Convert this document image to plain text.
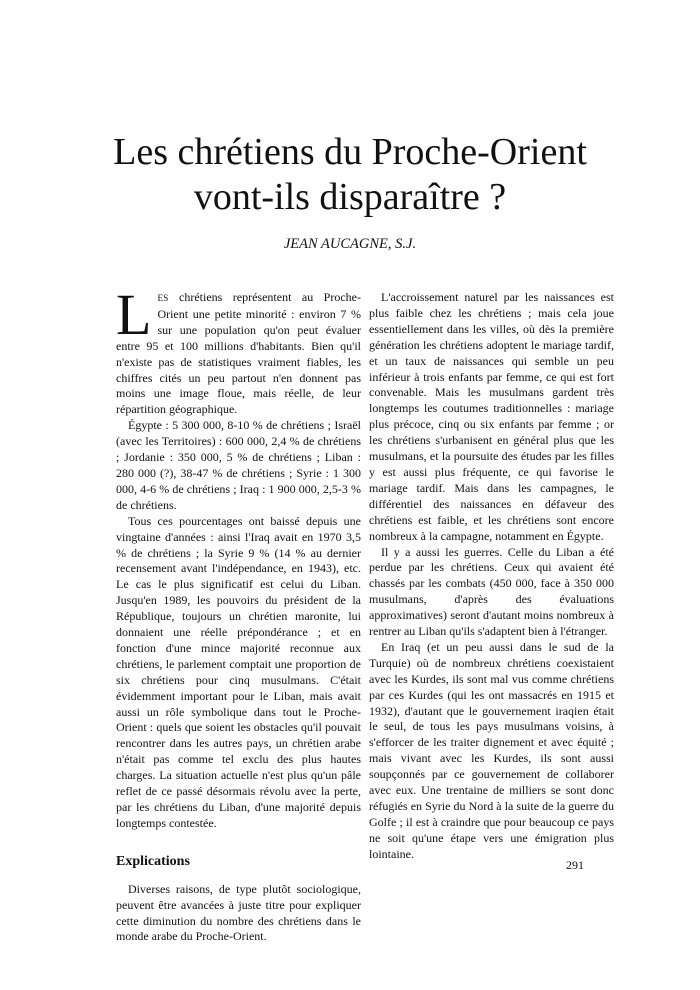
Les chrétiens du Proche-Orient
vont-ils disparaître ?
JEAN AUCAGNE, S.J.

LES chrétiens représentent au Proche-Orient une petite minorité : environ 7 % sur une population qu'on peut évaluer entre 95 et 100 millions d'habitants. Bien qu'il n'existe pas de statistiques vraiment fiables, les chiffres cités un peu partout n'en donnent pas moins une image floue, mais réelle, de leur répartition géographique.

Égypte : 5 300 000, 8-10 % de chrétiens ; Israël (avec les Territoires) : 600 000, 2,4 % de chrétiens ; Jordanie : 350 000, 5 % de chrétiens ; Liban : 280 000 (?), 38-47 % de chrétiens ; Syrie : 1 300 000, 4-6 % de chrétiens ; Iraq : 1 900 000, 2,5-3 % de chrétiens.

Tous ces pourcentages ont baissé depuis une vingtaine d'années : ainsi l'Iraq avait en 1970 3,5 % de chrétiens ; la Syrie 9 % (14 % au dernier recensement avant l'indépendance, en 1943), etc. Le cas le plus significatif est celui du Liban. Jusqu'en 1989, les pouvoirs du président de la République, toujours un chrétien maronite, lui donnaient une réelle prépondérance ; et en fonction d'une mince majorité reconnue aux chrétiens, le parlement comptait une proportion de six chrétiens pour cinq musulmans. C'était évidemment important pour le Liban, mais avait aussi un rôle symbolique dans tout le Proche-Orient : quels que soient les obstacles qu'il pouvait rencontrer dans les autres pays, un chrétien arabe n'était pas comme tel exclu des plus hautes charges. La situation actuelle n'est plus qu'un pâle reflet de ce passé désormais révolu avec la perte, par les chrétiens du Liban, d'une majorité depuis longtemps contestée.

Explications

Diverses raisons, de type plutôt sociologique, peuvent être avancées à juste titre pour expliquer cette diminution du nombre des chrétiens dans le monde arabe du Proche-Orient.

L'accroissement naturel par les naissances est plus faible chez les chrétiens ; mais cela joue essentiellement dans les villes, où dès la première génération les chrétiens adoptent le mariage tardif, et un taux de naissances qui semble un peu inférieur à trois enfants par femme, ce qui est fort convenable. Mais les musulmans gardent très longtemps les coutumes traditionnelles : mariage plus précoce, cinq ou six enfants par femme ; or les chrétiens s'urbanisent en général plus que les musulmans, et la poursuite des études par les filles y est aussi plus fréquente, ce qui favorise le mariage tardif. Mais dans les campagnes, le différentiel des naissances en défaveur des chrétiens est faible, et les chrétiens sont encore nombreux à la campagne, notamment en Égypte.

Il y a aussi les guerres. Celle du Liban a été perdue par les chrétiens. Ceux qui avaient été chassés par les combats (450 000, face à 350 000 musulmans, d'après des évaluations approximatives) seront d'autant moins nombreux à rentrer au Liban qu'ils s'adaptent bien à l'étranger.

En Iraq (et un peu aussi dans le sud de la Turquie) où de nombreux chrétiens coexistaient avec les Kurdes, ils sont mal vus comme chrétiens par ces Kurdes (qui les ont massacrés en 1915 et 1932), d'autant que le gouvernement iraqien était le seul, de tous les pays musulmans voisins, à s'efforcer de les traiter dignement et avec équité ; mais vivant avec les Kurdes, ils sont aussi soupçonnés par ce gouvernement de collaborer avec eux. Une trentaine de milliers se sont donc réfugiés en Syrie du Nord à la suite de la guerre du Golfe ; il est à craindre que pour beaucoup ce pays ne soit qu'une étape vers une émigration plus lointaine.

291
